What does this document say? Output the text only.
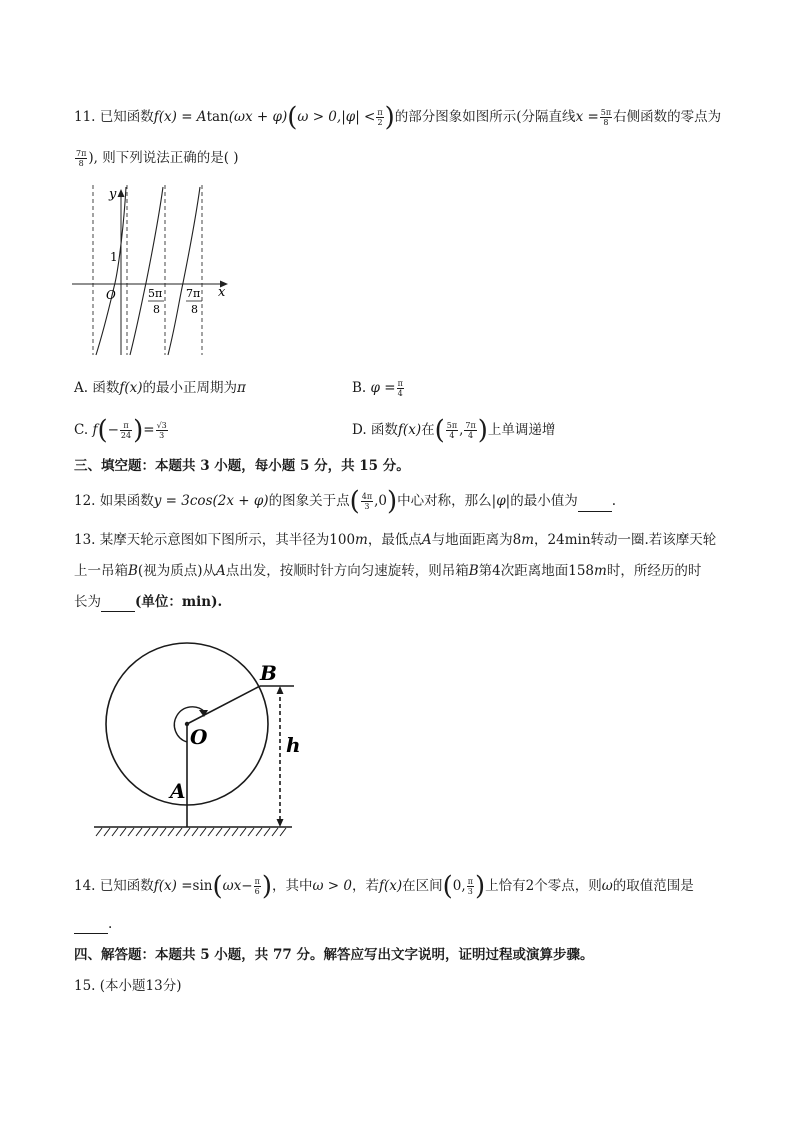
11. 已知函数$f(x) = Atan(\omega x + \varphi)(\omega > 0,|\varphi| < \frac{\pi}{2}$ )的部分图象如图所示(分隔直线$x = \frac{5\pi}{8}$ 右侧函数的零点为
$\frac{7\pi}{8}$ ), 则下列说法正确的是( )
y
x
1
O	5π
8
7π
8
A. 函数f(x)的最小正周期为π	B. $\varphi = \frac{\pi}{4}$
C. $f(- \frac{\pi}{24}$ )= $\frac{√3}{3}$	D. 函数f(x)在( $\frac{5\pi}{4}$ , $\frac{7\pi}{4}$ )上单调递增
三、填空题：本题共 3 小题，每小题 5 分，共 15 分。
12. 如果函数y = 3cos(2x + φ)的图象关于点( $\frac{4\pi}{3} ,0$)中心对称，那么|φ|的最小值为	.
13. 某摩天轮示意图如下图所示，其半径为100m，最低点A与地面距离为8m，24min转动一圈.若该摩天轮
上一吊箱B(视为质点)从A点出发，按顺时针方向匀速旋转，则吊箱B第4次距离地面158m时，所经历的时
长为	(单位：min).
B
O	h
A
14. 已知函数$f(x) =\sin(\omega x- \frac{\pi}{6}$ )，其中ω > 0，若f(x)在区间(0, $\frac{\pi}{3}$ )上恰有2个零点，则ω的取值范围是
.
四、解答题：本题共 5 小题，共 77 分。解答应写出文字说明，证明过程或演算步骤。
15. (本小题13分)
